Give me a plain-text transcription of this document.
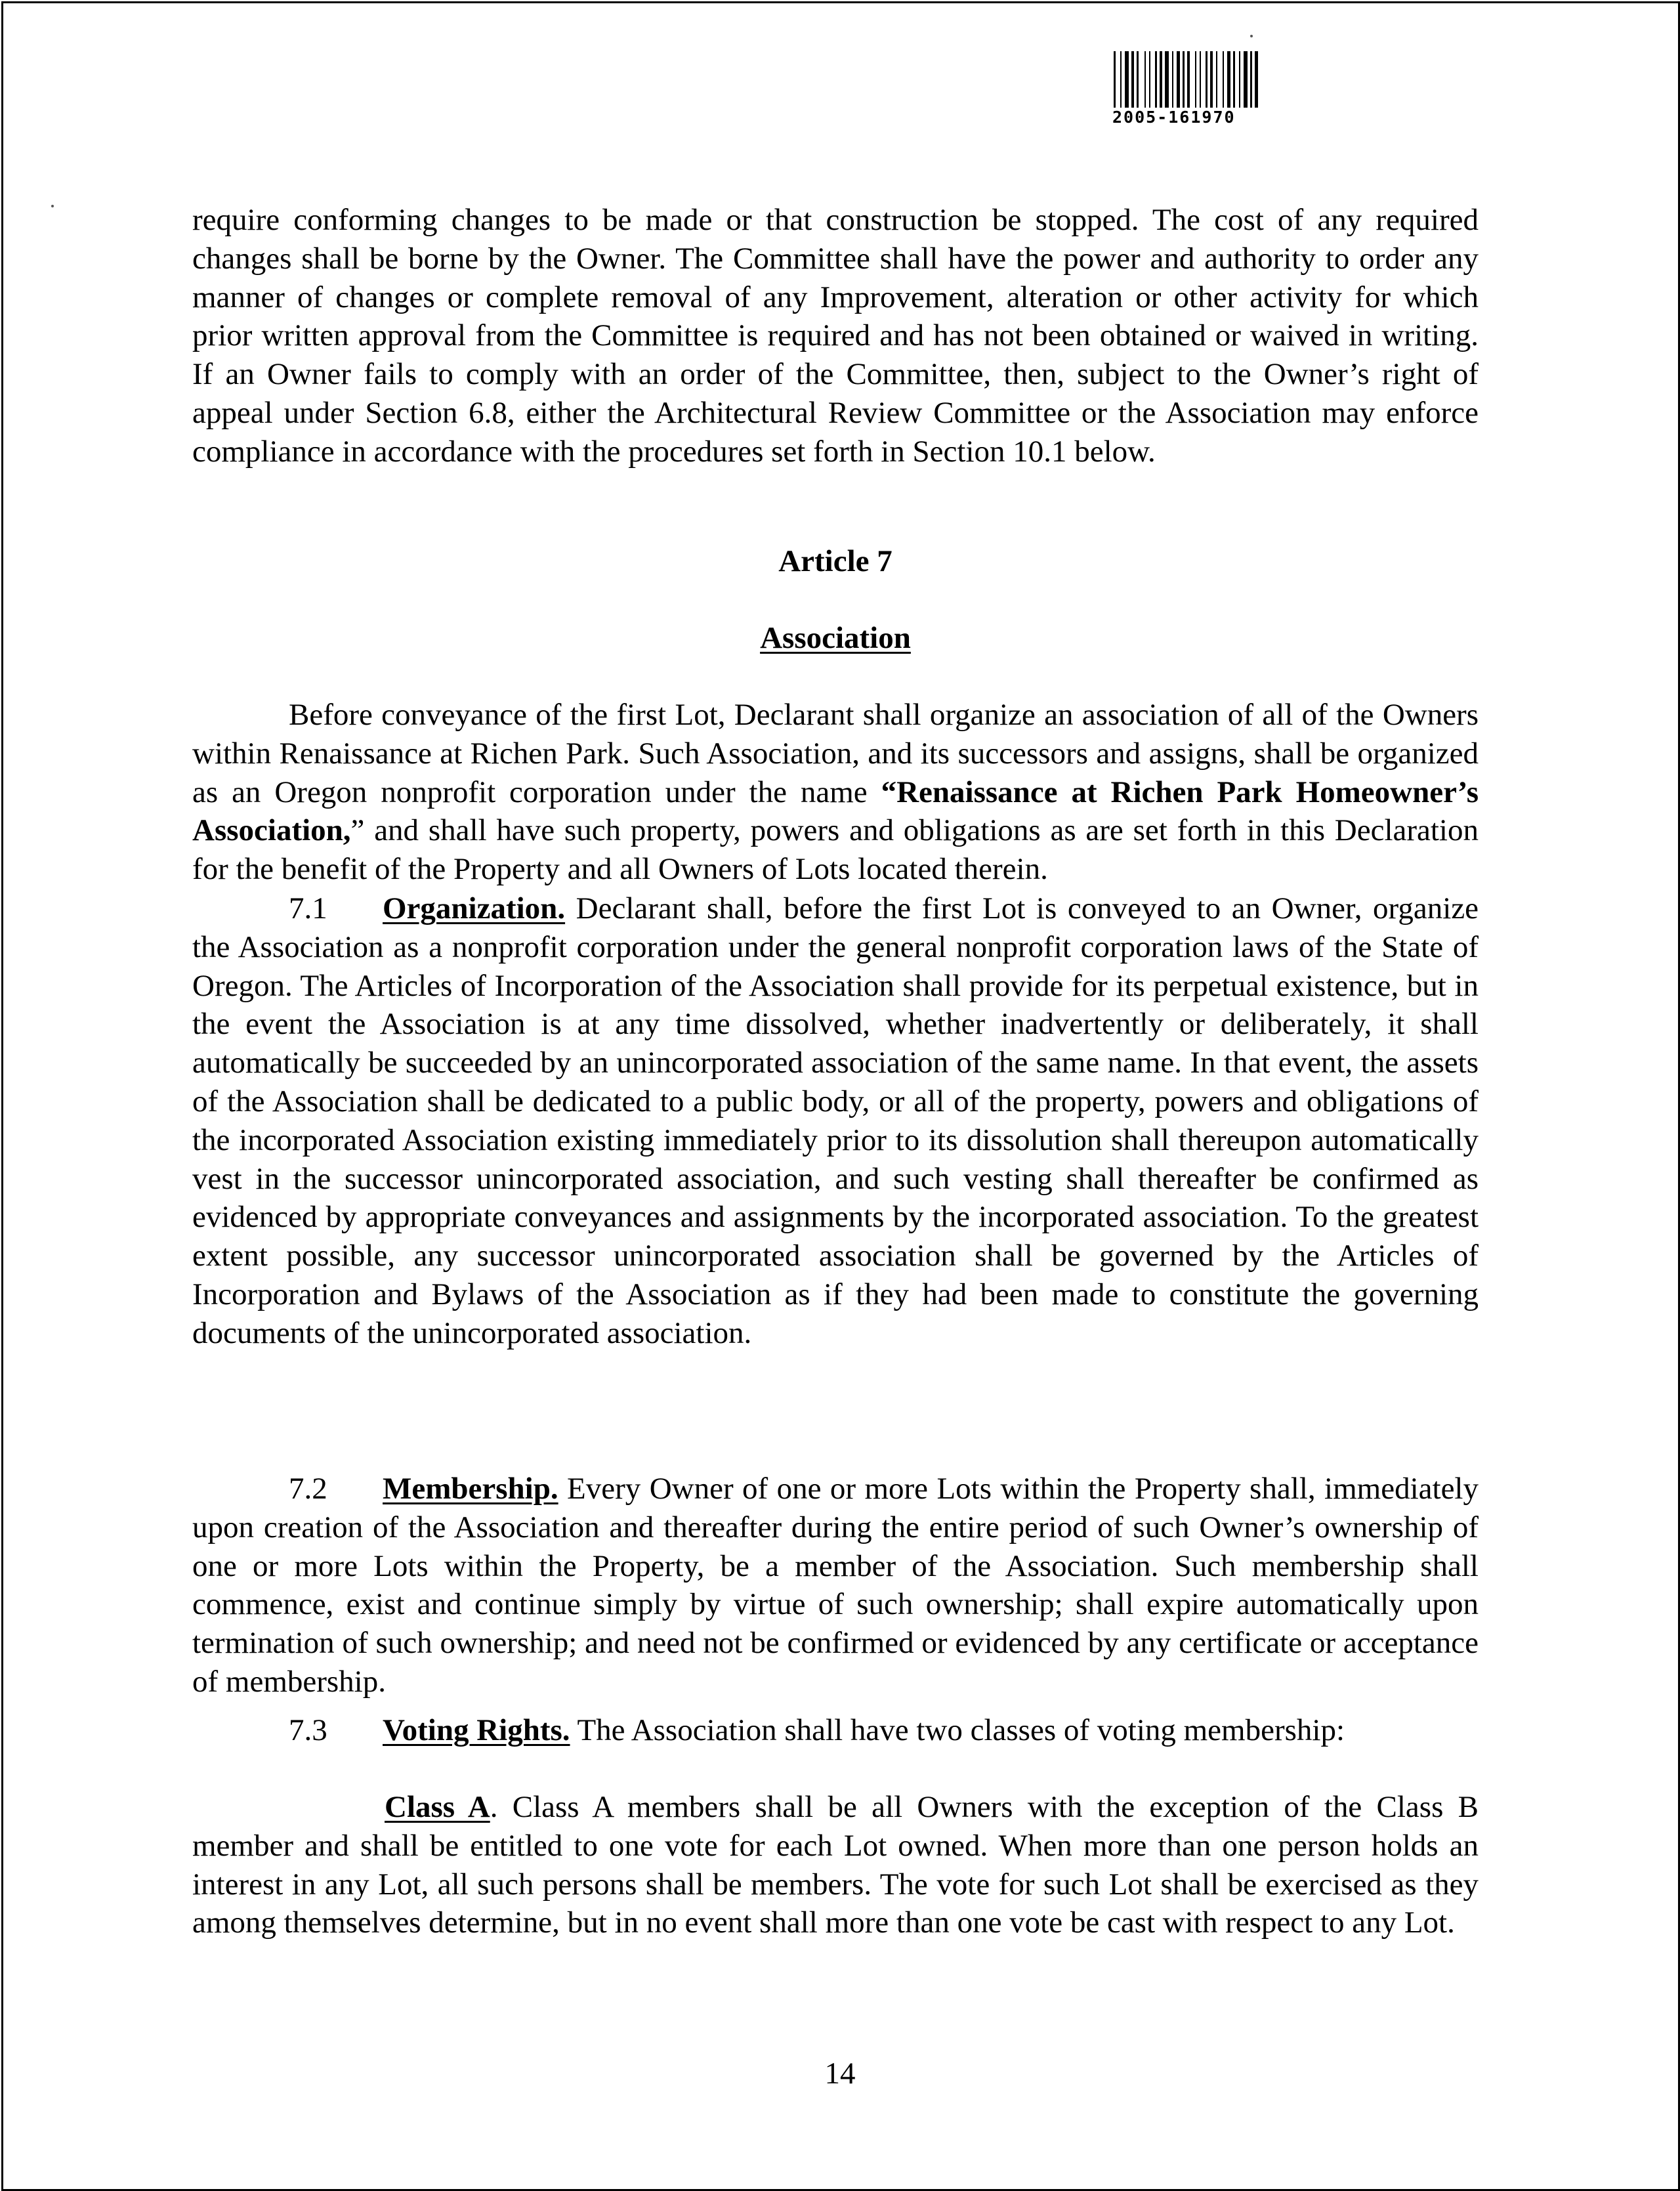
2005-161970

require conforming changes to be made or that construction be stopped. The cost of any required changes shall be borne by the Owner. The Committee shall have the power and authority to order any manner of changes or complete removal of any Improvement, alteration or other activity for which prior written approval from the Committee is required and has not been obtained or waived in writing. If an Owner fails to comply with an order of the Committee, then, subject to the Owner’s right of appeal under Section 6.8, either the Architectural Review Committee or the Association may enforce compliance in accordance with the procedures set forth in Section 10.1 below.

Article 7

Association

Before conveyance of the first Lot, Declarant shall organize an association of all of the Owners within Renaissance at Richen Park. Such Association, and its successors and assigns, shall be organized as an Oregon nonprofit corporation under the name “Renaissance at Richen Park Homeowner’s Association,” and shall have such property, powers and obligations as are set forth in this Declaration for the benefit of the Property and all Owners of Lots located therein.

7.1 Organization. Declarant shall, before the first Lot is conveyed to an Owner, organize the Association as a nonprofit corporation under the general nonprofit corporation laws of the State of Oregon. The Articles of Incorporation of the Association shall provide for its perpetual existence, but in the event the Association is at any time dissolved, whether inadvertently or deliberately, it shall automatically be succeeded by an unincorporated association of the same name. In that event, the assets of the Association shall be dedicated to a public body, or all of the property, powers and obligations of the incorporated Association existing immediately prior to its dissolution shall thereupon automatically vest in the successor unincorporated association, and such vesting shall thereafter be confirmed as evidenced by appropriate conveyances and assignments by the incorporated association. To the greatest extent possible, any successor unincorporated association shall be governed by the Articles of Incorporation and Bylaws of the Association as if they had been made to constitute the governing documents of the unincorporated association.

7.2 Membership. Every Owner of one or more Lots within the Property shall, immediately upon creation of the Association and thereafter during the entire period of such Owner’s ownership of one or more Lots within the Property, be a member of the Association. Such membership shall commence, exist and continue simply by virtue of such ownership; shall expire automatically upon termination of such ownership; and need not be confirmed or evidenced by any certificate or acceptance of membership.

7.3 Voting Rights. The Association shall have two classes of voting membership:

Class A. Class A members shall be all Owners with the exception of the Class B member and shall be entitled to one vote for each Lot owned. When more than one person holds an interest in any Lot, all such persons shall be members. The vote for such Lot shall be exercised as they among themselves determine, but in no event shall more than one vote be cast with respect to any Lot.

14
